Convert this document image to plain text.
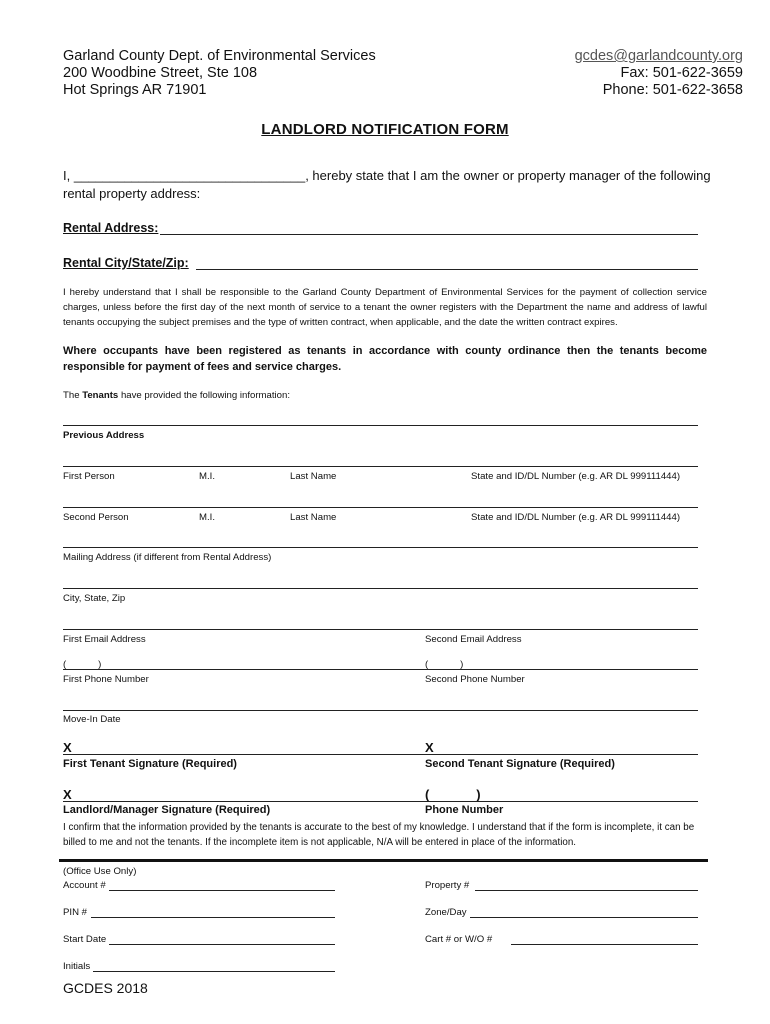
Garland County Dept. of Environmental Services
200 Woodbine Street, Ste 108
Hot Springs AR 71901
gcdes@garlandcounty.org
Fax: 501-622-3659
Phone: 501-622-3658
LANDLORD NOTIFICATION FORM
I, ________________________________, hereby state that I am the owner or property manager of the following
rental property address:
Rental Address:
Rental City/State/Zip:
I hereby understand that I shall be responsible to the Garland County Department of Environmental Services for the payment of collection service charges, unless before the first day of the next month of service to a tenant the owner registers with the Department the name and address of lawful tenants occupying the subject premises and the type of written contract, when applicable, and the date the written contract expires.
Where occupants have been registered as tenants in accordance with county ordinance then the tenants become responsible for payment of fees and service charges.
The Tenants have provided the following information:
Previous Address
First Person	M.I.	Last Name	State and ID/DL Number (e.g. AR DL 999111444)
Second Person	M.I.	Last Name	State and ID/DL Number (e.g. AR DL 999111444)
Mailing Address (if different from Rental Address)
City, State, Zip
First Email Address	Second Email Address
(            )	(            )
First Phone Number	Second Phone Number
Move-In Date
X	X
First Tenant Signature (Required)	Second Tenant Signature (Required)
X	(             )
Landlord/Manager Signature (Required)	Phone Number
I confirm that the information provided by the tenants is accurate to the best of my knowledge. I understand that if the form is incomplete, it can be billed to me and not the tenants. If the incomplete item is not applicable, N/A will be entered in place of the information.
(Office Use Only)
Account #	Property #
PIN #	Zone/Day
Start Date	Cart # or W/O #
Initials
GCDES 2018
